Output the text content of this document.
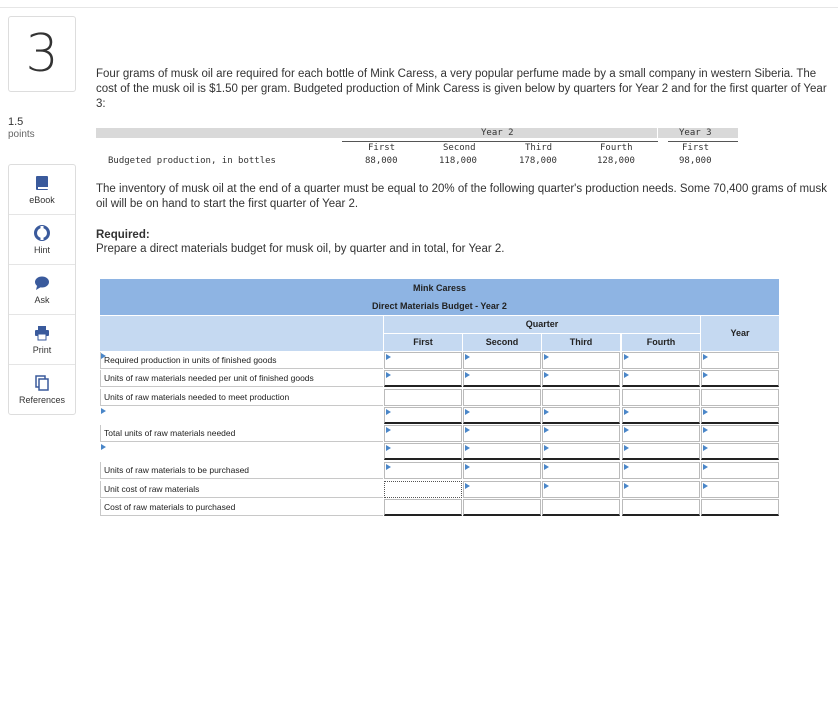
3
1.5
points
eBook
Hint
Ask
Print
References
Four grams of musk oil are required for each bottle of Mink Caress, a very popular perfume made by a small company in western Siberia. The cost of the musk oil is $1.50 per gram. Budgeted production of Mink Caress is given below by quarters for Year 2 and for the first quarter of Year 3:
Year 2	Year 3
First	Second	Third	Fourth	First
Budgeted production, in bottles	88,000	118,000	178,000	128,000	98,000
The inventory of musk oil at the end of a quarter must be equal to 20% of the following quarter's production needs. Some 70,400 grams of musk oil will be on hand to start the first quarter of Year 2.
Required:
Prepare a direct materials budget for musk oil, by quarter and in total, for Year 2.
Mink Caress
Direct Materials Budget - Year 2
Quarter
Year
First	Second	Third	Fourth
Required production in units of finished goods
Units of raw materials needed per unit of finished goods
Units of raw materials needed to meet production
Total units of raw materials needed
Units of raw materials to be purchased
Unit cost of raw materials
Cost of raw materials to purchased
